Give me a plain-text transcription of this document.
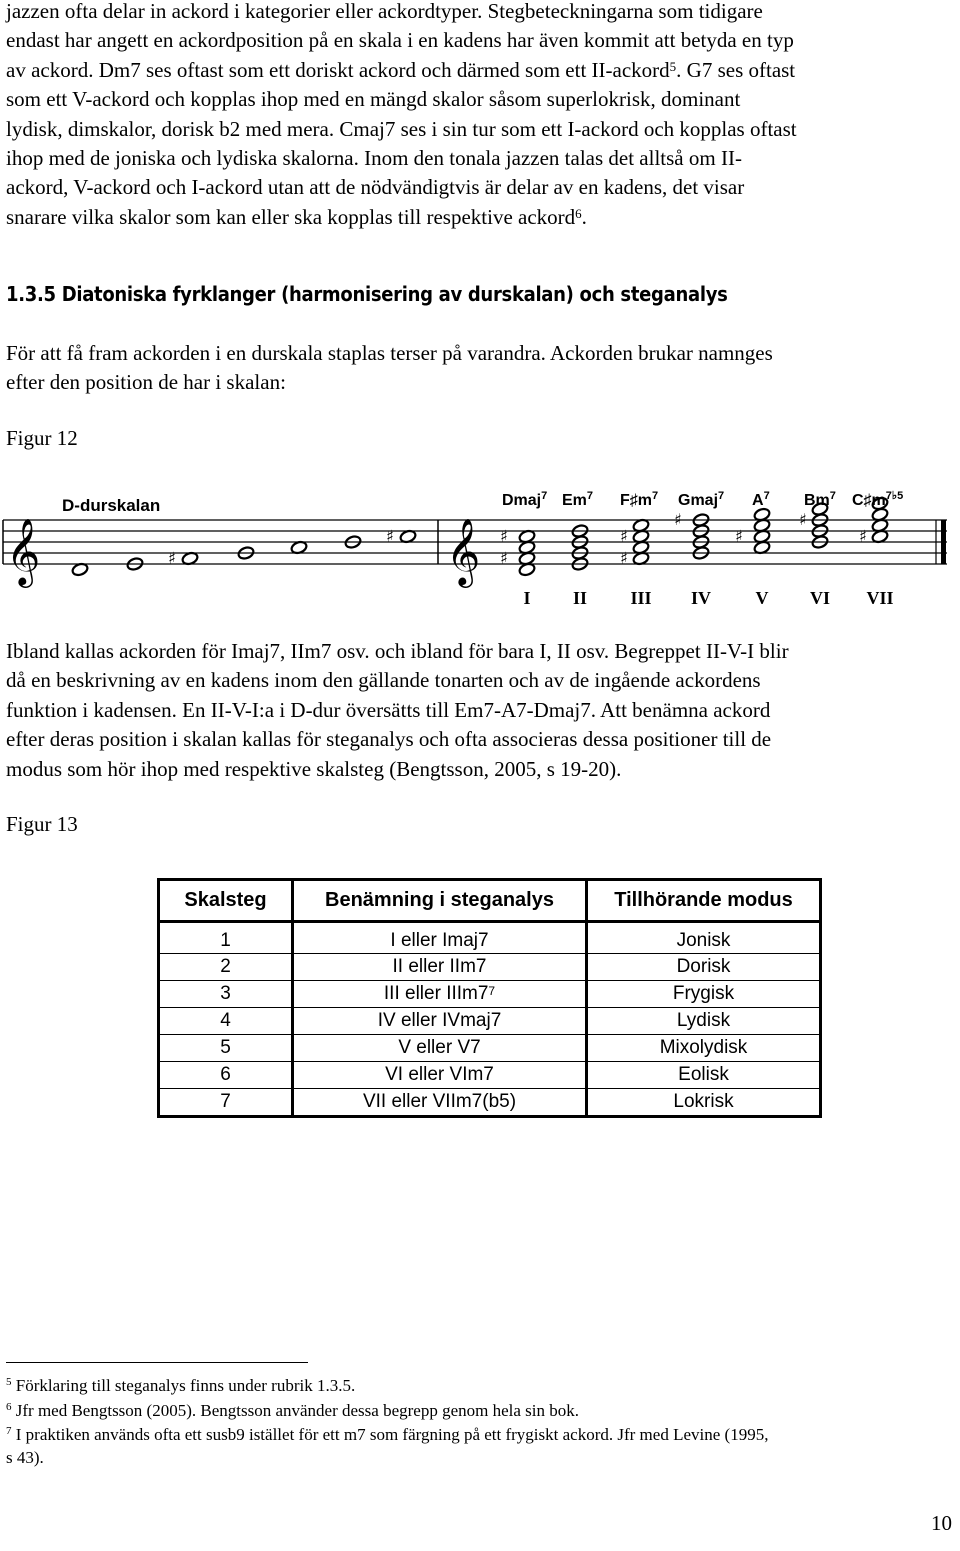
jazzen ofta delar in ackord i kategorier eller ackordtyper. Stegbeteckningarna som tidigare
endast har angett en ackordposition på en skala i en kadens har även kommit att betyda en typ
av ackord. Dm7 ses oftast som ett doriskt ackord och därmed som ett II-ackord$^5$. G7 ses oftast
som ett V-ackord och kopplas ihop med en mängd skalor såsom superlokrisk, dominant
lydisk, dimskalor, dorisk b2 med mera. Cmaj7 ses i sin tur som ett I-ackord och kopplas oftast
ihop med de joniska och lydiska skalorna. Inom den tonala jazzen talas det alltså om II-
ackord, V-ackord och I-ackord utan att de nödvändigtvis är delar av en kadens, det visar
snarare vilka skalor som kan eller ska kopplas till respektive ackord$^6$.

1.3.5 Diatoniska fyrklanger (harmonisering av durskalan) och steganalys

För att få fram ackorden i en durskala staplas terser på varandra. Ackorden brukar namnges
efter den position de har i skalan:

Figur 12

D-durskalan
𝄞	𝄞
♯
♯
♯
♯
♯
♯
♯
♯
♯
♯
Dmaj$^7$ Em$^7$ $F♯m^7$ Gmaj$^7$ $A^7$ Bm$^7$ $C♯m^{7♭5}$
I II III IV V VI VII

Ibland kallas ackorden för Imaj7, IIm7 osv. och ibland för bara I, II osv. Begreppet II-V-I blir
då en beskrivning av en kadens inom den gällande tonarten och av de ingående ackordens
funktion i kadensen. En II-V-I:a i D-dur översätts till Em7-A7-Dmaj7. Att benämna ackord
efter deras position i skalan kallas för steganalys och ofta associeras dessa positioner till de
modus som hör ihop med respektive skalsteg (Bengtsson, 2005, s 19-20).

Figur 13

Skalsteg	Benämning i steganalys	Tillhörande modus
1	I eller Imaj7	Jonisk
2	II eller IIm7	Dorisk
3	III eller $IIIm7^7$	Frygisk
4	IV eller IVmaj7	Lydisk
5	V eller V7	Mixolydisk
6	VI eller VIm7	Eolisk
7	VII eller VIIm7(b5)	Lokrisk

$^5$ Förklaring till steganalys finns under rubrik 1.3.5.

$^6$ Jfr med Bengtsson (2005). Bengtsson använder dessa begrepp genom hela sin bok.

$^7$ I praktiken används ofta ett susb9 istället för ett m7 som färgning på ett frygiskt ackord. Jfr med Levine (1995,
s 43).

10
